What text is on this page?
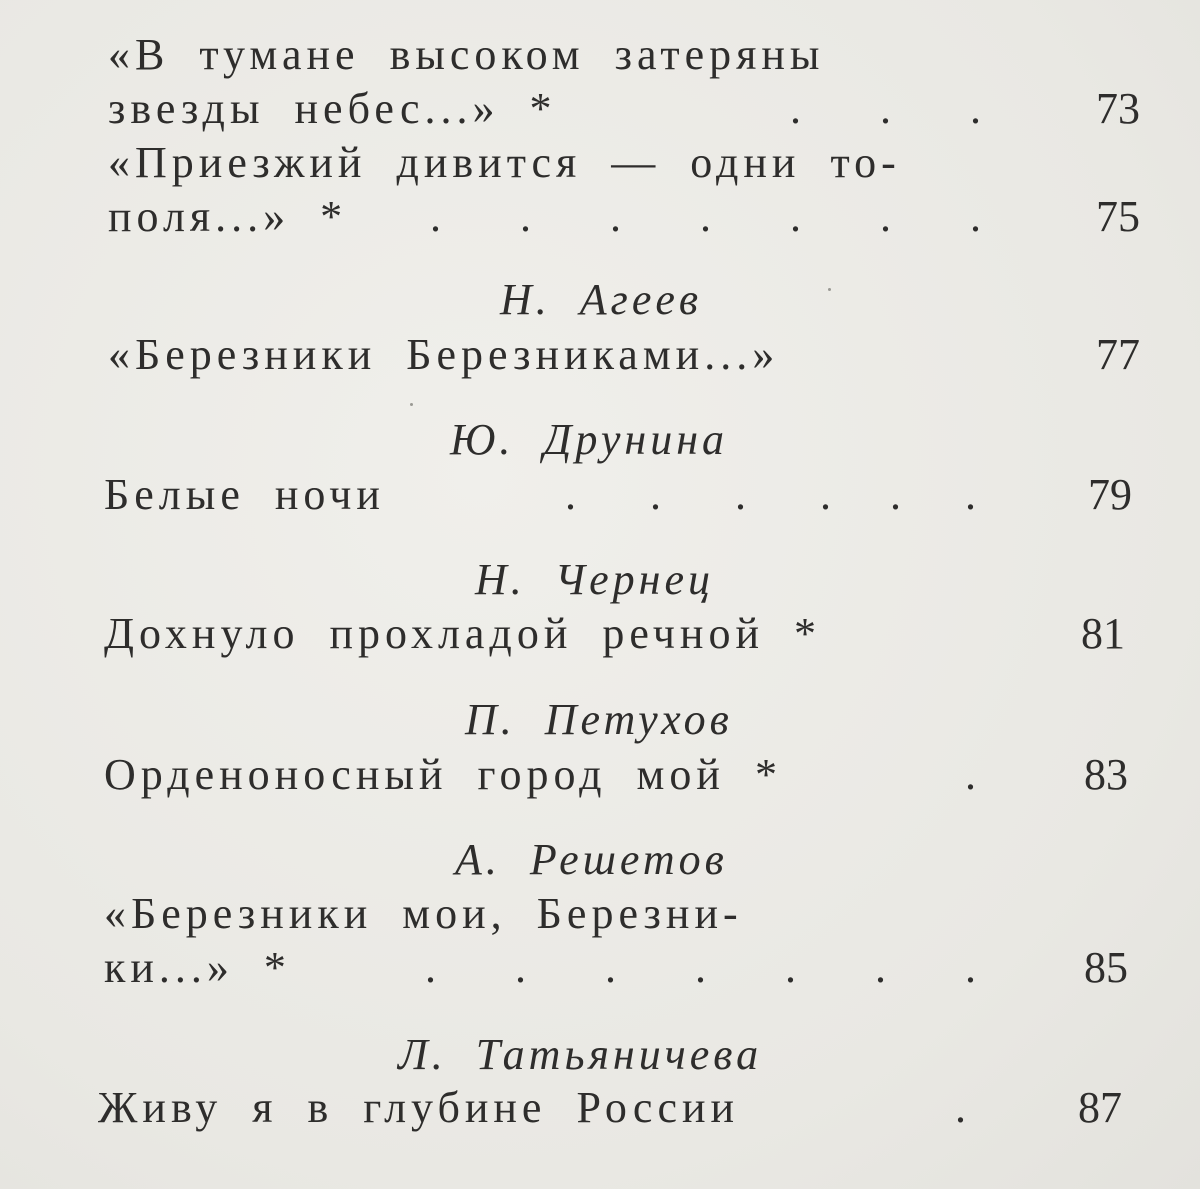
«В тумане высоком затеряны
звезды небес...» *	. . .	73
«Приезжий дивится — одни то-
поля...» * . . . . . . .	75
Н. Агеев
«Березники Березниками...»	77
Ю. Друнина
Белые ночи	. . . . . .	79
Н. Чернец
Дохнуло прохладой речной *	81
П. Петухов
Орденоносный город мой *	. 83
А. Решетов
«Березники мои, Березни-
ки...» *	. . . . . . . 85
Л. Татьяничева
Живу я в глубине России	.	87
